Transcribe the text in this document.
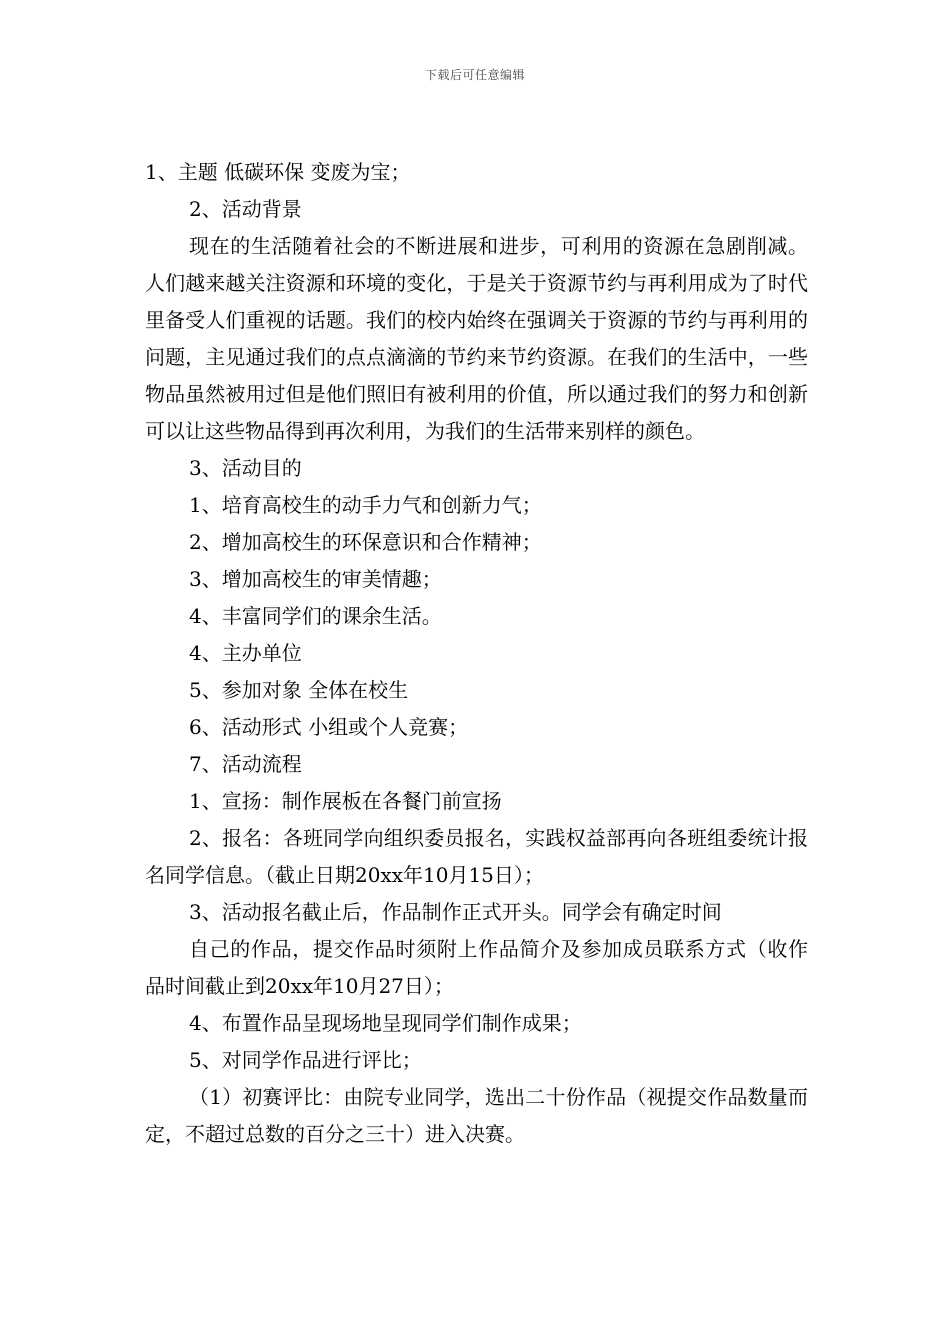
下载后可任意编辑

1、主题 低碳环保 变废为宝；

2、活动背景

现在的生活随着社会的不断进展和进步，可利用的资源在急剧削减。人们越来越关注资源和环境的变化，于是关于资源节约与再利用成为了时代里备受人们重视的话题。我们的校内始终在强调关于资源的节约与再利用的问题，主见通过我们的点点滴滴的节约来节约资源。在我们的生活中，一些物品虽然被用过但是他们照旧有被利用的价值，所以通过我们的努力和创新可以让这些物品得到再次利用，为我们的生活带来别样的颜色。

3、活动目的

1、培育高校生的动手力气和创新力气；

2、增加高校生的环保意识和合作精神；

3、增加高校生的审美情趣；

4、丰富同学们的课余生活。

4、主办单位

5、参加对象 全体在校生

6、活动形式 小组或个人竞赛；

7、活动流程

1、宣扬：制作展板在各餐门前宣扬

2、报名：各班同学向组织委员报名，实践权益部再向各班组委统计报名同学信息。（截止日期20xx年10月15日）；

3、活动报名截止后，作品制作正式开头。同学会有确定时间

自己的作品，提交作品时须附上作品简介及参加成员联系方式（收作品时间截止到20xx年10月27日）；

4、布置作品呈现场地呈现同学们制作成果；

5、对同学作品进行评比；

（1）初赛评比：由院专业同学，选出二十份作品（视提交作品数量而定，不超过总数的百分之三十）进入决赛。
